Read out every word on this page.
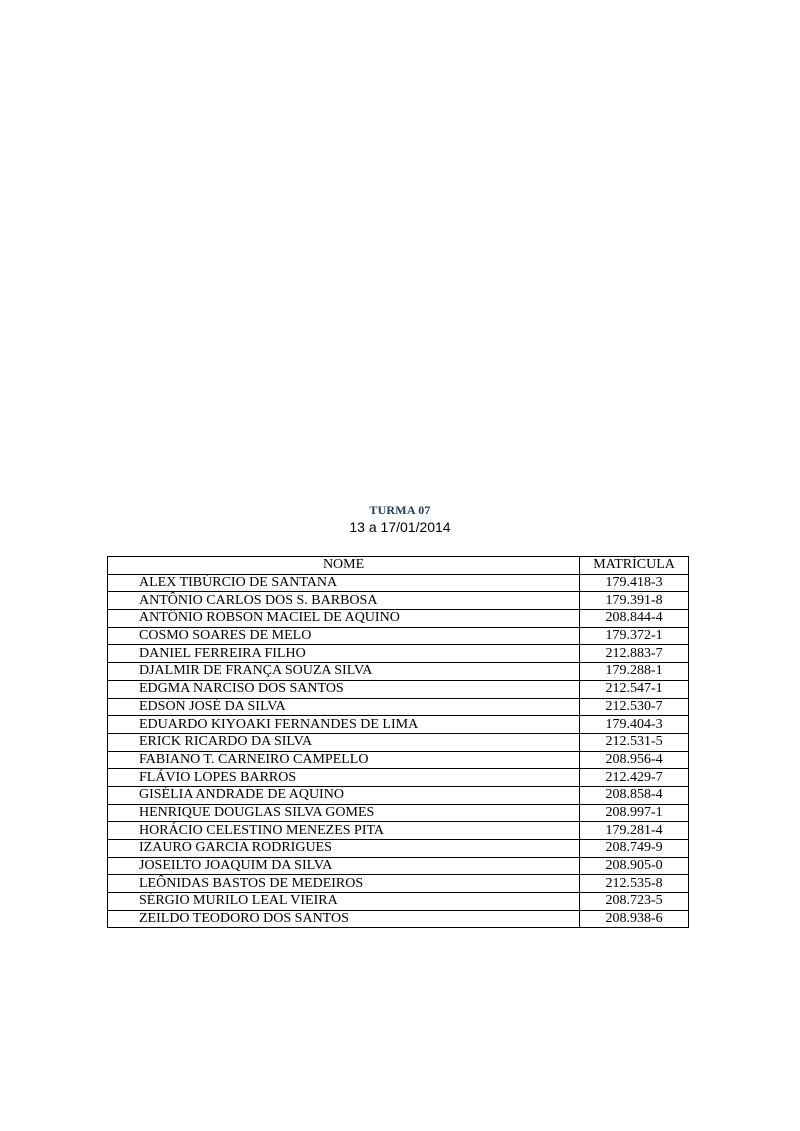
TURMA 07
13 a 17/01/2014
NOME	MATRÍCULA
ALEX TIBÚRCIO DE SANTANA	179.418-3
ANTÔNIO CARLOS DOS S. BARBOSA	179.391-8
ANTÔNIO ROBSON MACIEL DE AQUINO	208.844-4
COSMO SOARES DE MELO	179.372-1
DANIEL FERREIRA FILHO	212.883-7
DJALMIR DE FRANÇA SOUZA SILVA	179.288-1
EDGMA NARCISO DOS SANTOS	212.547-1
EDSON JOSÉ DA SILVA	212.530-7
EDUARDO KIYOAKI FERNANDES DE LIMA	179.404-3
ERICK RICARDO DA SILVA	212.531-5
FABIANO T. CARNEIRO CAMPELLO	208.956-4
FLÁVIO LOPES BARROS	212.429-7
GISÉLIA ANDRADE DE AQUINO	208.858-4
HENRIQUE DOUGLAS SILVA GOMES	208.997-1
HORÁCIO CELESTINO MENEZES PITA	179.281-4
IZAURO GARCIA RODRIGUES	208.749-9
JOSEILTO JOAQUIM DA SILVA	208.905-0
LEÔNIDAS BASTOS DE MEDEIROS	212.535-8
SÉRGIO MURILO LEAL VIEIRA	208.723-5
ZEILDO TEODORO DOS SANTOS	208.938-6
